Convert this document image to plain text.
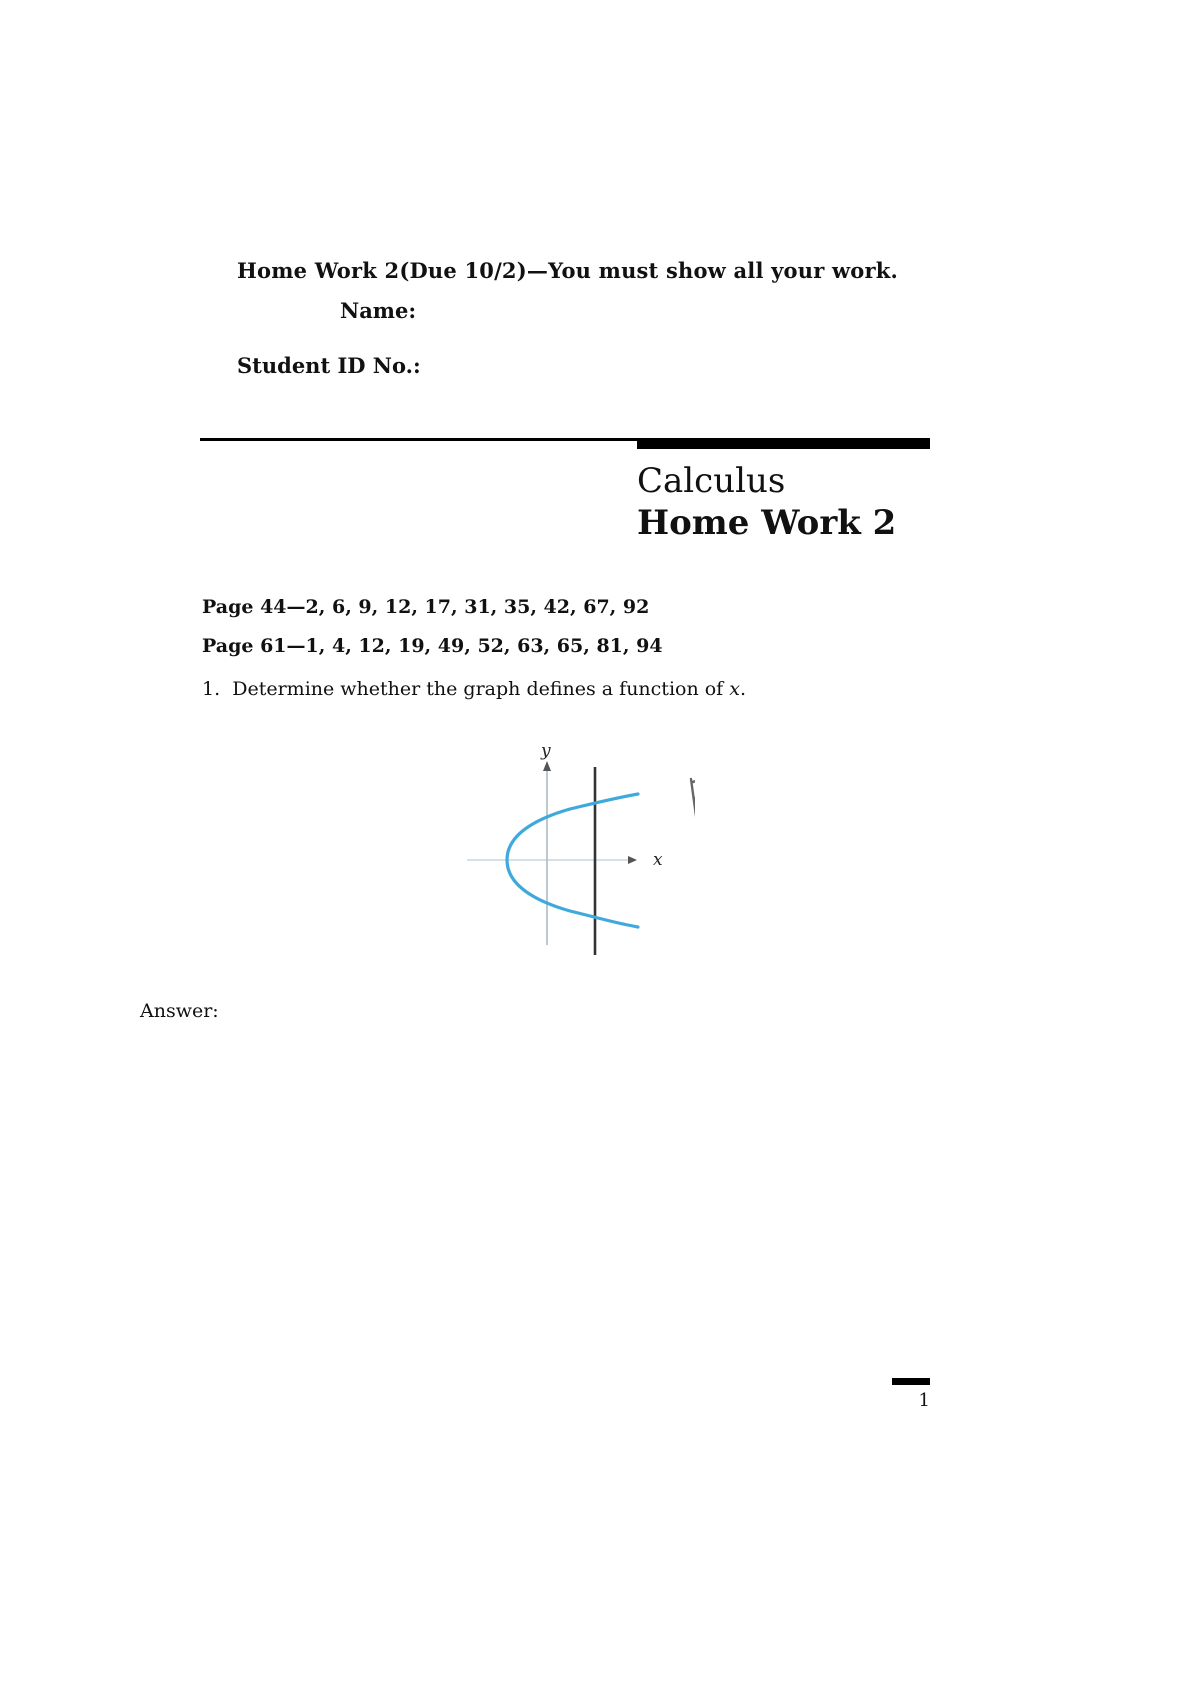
Home Work 2(Due 10/2)—You must show all your work.
Name:
Student ID No.:
Calculus
Home Work 2
Page 44—2, 6, 9, 12, 17, 31, 35, 42, 67, 92
Page 61—1, 4, 12, 19, 49, 52, 63, 65, 81, 94
1. Determine whether the graph defines a function of x.
x
y
Answer:
1
